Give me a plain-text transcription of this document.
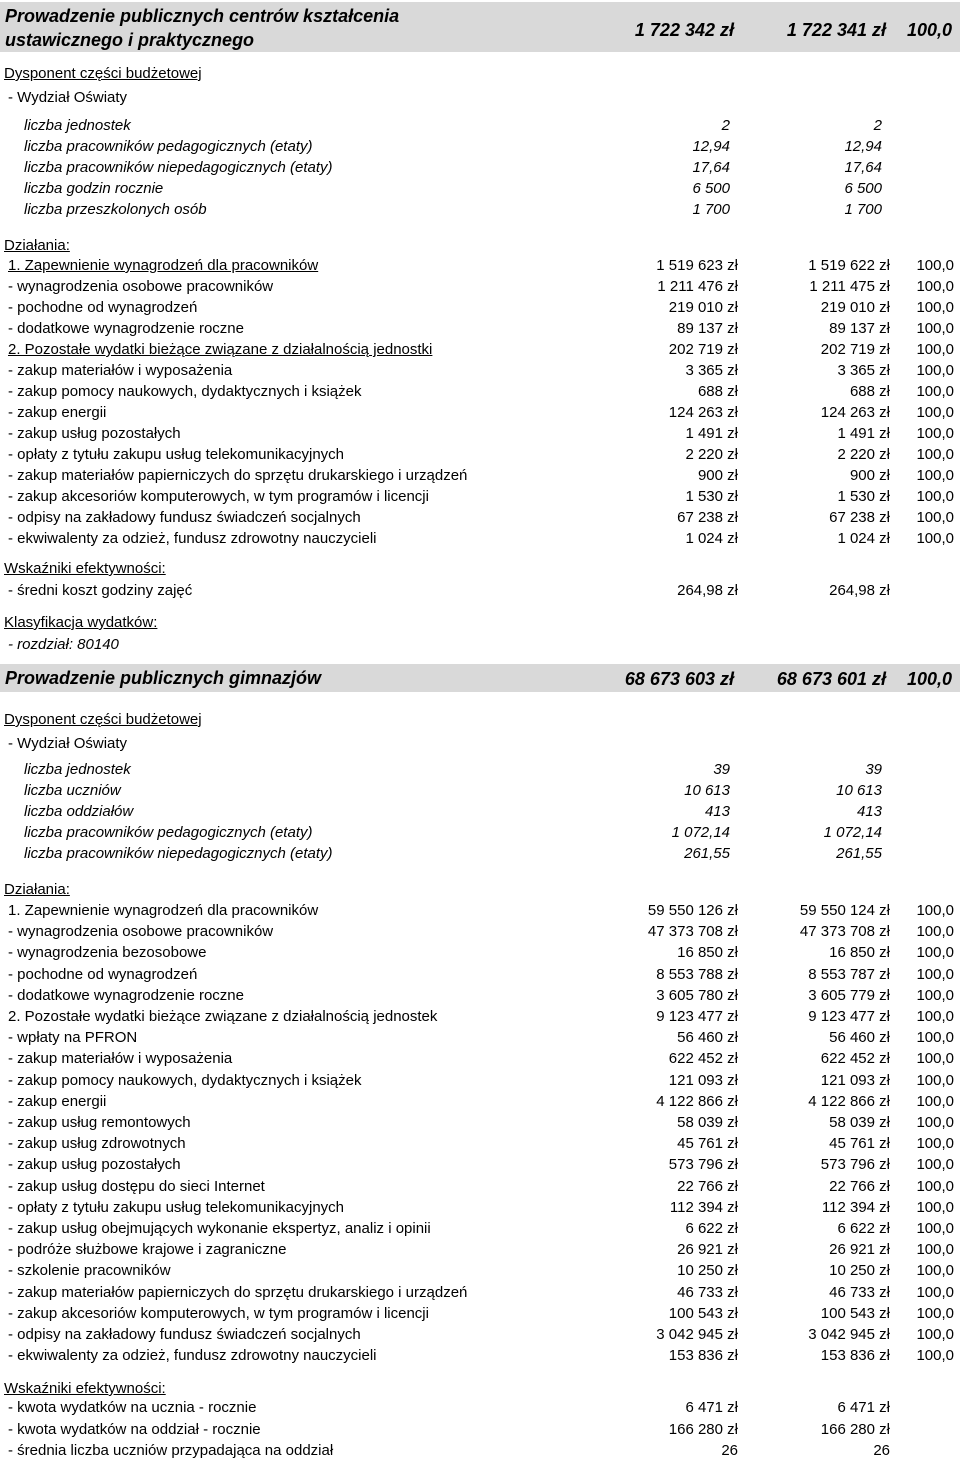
Prowadzenie publicznych centrów kształcenia
ustawicznego i praktycznego	1 722 342 zł	1 722 341 zł 100,0
Dysponent części budżetowej
- Wydział Oświaty
liczba jednostek	2	2
liczba pracowników pedagogicznych (etaty)	12,94	12,94
liczba pracowników niepedagogicznych (etaty)	17,64	17,64
liczba godzin rocznie	6 500	6 500
liczba przeszkolonych osób	1 700	1 700
Działania:
1. Zapewnienie wynagrodzeń dla pracowników	1 519 623 zł	1 519 622 zł 100,0
- wynagrodzenia osobowe pracowników	1 211 476 zł	1 211 475 zł 100,0
- pochodne od wynagrodzeń	219 010 zł	219 010 zł 100,0
- dodatkowe wynagrodzenie roczne	89 137 zł	89 137 zł 100,0
2. Pozostałe wydatki bieżące związane z działalnością jednostki	202 719 zł	202 719 zł 100,0
- zakup materiałów i wyposażenia	3 365 zł	3 365 zł 100,0
- zakup pomocy naukowych, dydaktycznych i książek	688 zł	688 zł 100,0
- zakup energii	124 263 zł	124 263 zł 100,0
- zakup usług pozostałych	1 491 zł	1 491 zł 100,0
- opłaty z tytułu zakupu usług telekomunikacyjnych	2 220 zł	2 220 zł 100,0
- zakup materiałów papierniczych do sprzętu drukarskiego i urządzeń	900 zł	900 zł 100,0
- zakup akcesoriów komputerowych, w tym programów i licencji	1 530 zł	1 530 zł 100,0
- odpisy na zakładowy fundusz świadczeń socjalnych	67 238 zł	67 238 zł 100,0
- ekwiwalenty za odzież, fundusz zdrowotny nauczycieli	1 024 zł	1 024 zł 100,0
Wskaźniki efektywności:
- średni koszt godziny zajęć	264,98 zł	264,98 zł
Klasyfikacja wydatków:
- rozdział: 80140
Prowadzenie publicznych gimnazjów	68 673 603 zł 68 673 601 zł 100,0
Dysponent części budżetowej
- Wydział Oświaty
liczba jednostek	39	39
liczba uczniów	10 613	10 613
liczba oddziałów	413	413
liczba pracowników pedagogicznych (etaty)	1 072,14	1 072,14
liczba pracowników niepedagogicznych (etaty)	261,55	261,55
Działania:
1. Zapewnienie wynagrodzeń dla pracowników	59 550 126 zł	59 550 124 zł 100,0
- wynagrodzenia osobowe pracowników	47 373 708 zł	47 373 708 zł 100,0
- wynagrodzenia bezosobowe	16 850 zł	16 850 zł 100,0
- pochodne od wynagrodzeń	8 553 788 zł	8 553 787 zł 100,0
- dodatkowe wynagrodzenie roczne	3 605 780 zł	3 605 779 zł 100,0
2. Pozostałe wydatki bieżące związane z działalnością jednostek	9 123 477 zł	9 123 477 zł 100,0
- wpłaty na PFRON	56 460 zł	56 460 zł 100,0
- zakup materiałów i wyposażenia	622 452 zł	622 452 zł 100,0
- zakup pomocy naukowych, dydaktycznych i książek	121 093 zł	121 093 zł 100,0
- zakup energii	4 122 866 zł	4 122 866 zł 100,0
- zakup usług remontowych	58 039 zł	58 039 zł 100,0
- zakup usług zdrowotnych	45 761 zł	45 761 zł 100,0
- zakup usług pozostałych	573 796 zł	573 796 zł 100,0
- zakup usług dostępu do sieci Internet	22 766 zł	22 766 zł 100,0
- opłaty z tytułu zakupu usług telekomunikacyjnych	112 394 zł	112 394 zł 100,0
- zakup usług obejmujących wykonanie ekspertyz, analiz i opinii	6 622 zł	6 622 zł 100,0
- podróże służbowe krajowe i zagraniczne	26 921 zł	26 921 zł 100,0
- szkolenie pracowników	10 250 zł	10 250 zł 100,0
- zakup materiałów papierniczych do sprzętu drukarskiego i urządzeń	46 733 zł	46 733 zł 100,0
- zakup akcesoriów komputerowych, w tym programów i licencji	100 543 zł	100 543 zł 100,0
- odpisy na zakładowy fundusz świadczeń socjalnych	3 042 945 zł	3 042 945 zł 100,0
- ekwiwalenty za odzież, fundusz zdrowotny nauczycieli	153 836 zł	153 836 zł 100,0
Wskaźniki efektywności:
- kwota wydatków na ucznia - rocznie	6 471 zł	6 471 zł
- kwota wydatków na oddział - rocznie	166 280 zł	166 280 zł
- średnia liczba uczniów przypadająca na oddział	26	26
